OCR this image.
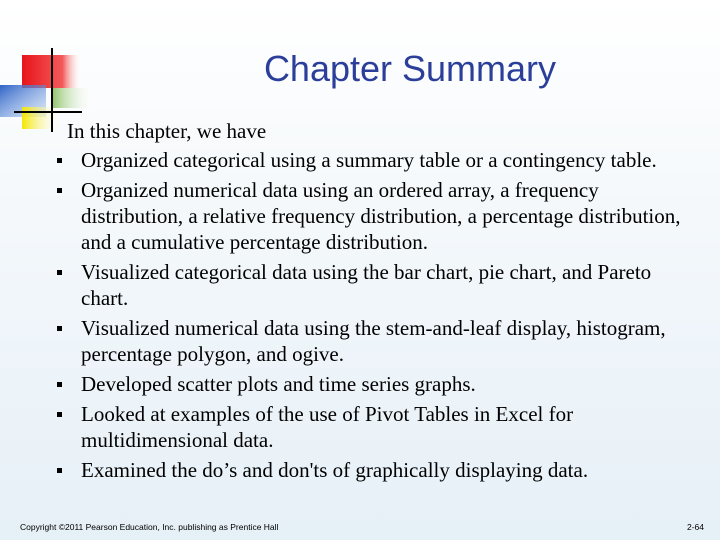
Chapter Summary
In this chapter, we have
Organized categorical using a summary table or a contingency table.
Organized numerical data using an ordered array, a frequency distribution, a relative frequency distribution, a percentage distribution, and a cumulative percentage distribution.
Visualized categorical data using the bar chart, pie chart, and Pareto chart.
Visualized numerical data using the stem-and-leaf display, histogram, percentage polygon, and ogive.
Developed scatter plots and time series graphs.
Looked at examples of the use of Pivot Tables in Excel for multidimensional data.
Examined the do’s and don'ts of graphically displaying data.
Copyright ©2011 Pearson Education, Inc. publishing as Prentice Hall	2-64
